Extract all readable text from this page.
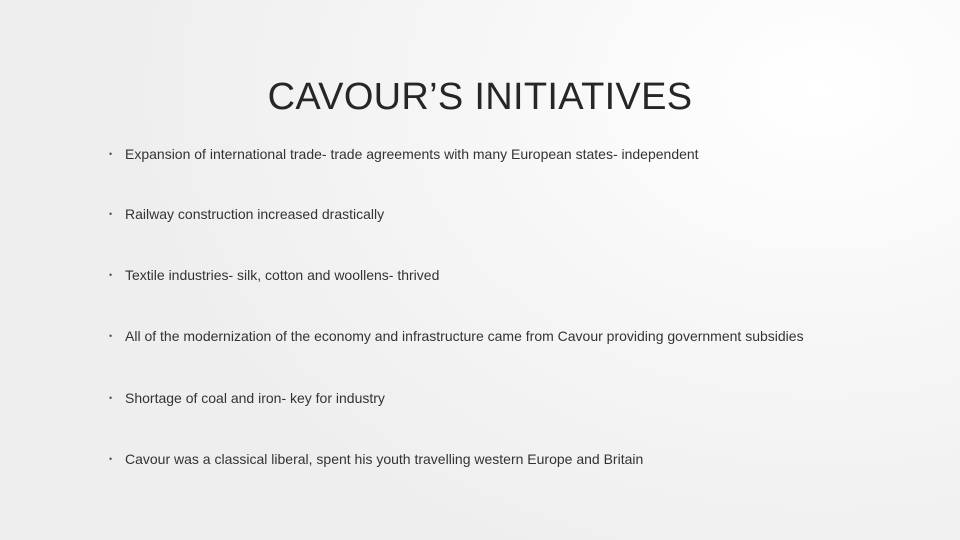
CAVOUR’S INITIATIVES
• Expansion of international trade- trade agreements with many European states- independent
• Railway construction increased drastically
• Textile industries- silk, cotton and woollens- thrived
• All of the modernization of the economy and infrastructure came from Cavour providing government subsidies
• Shortage of coal and iron- key for industry
• Cavour was a classical liberal, spent his youth travelling western Europe and Britain
